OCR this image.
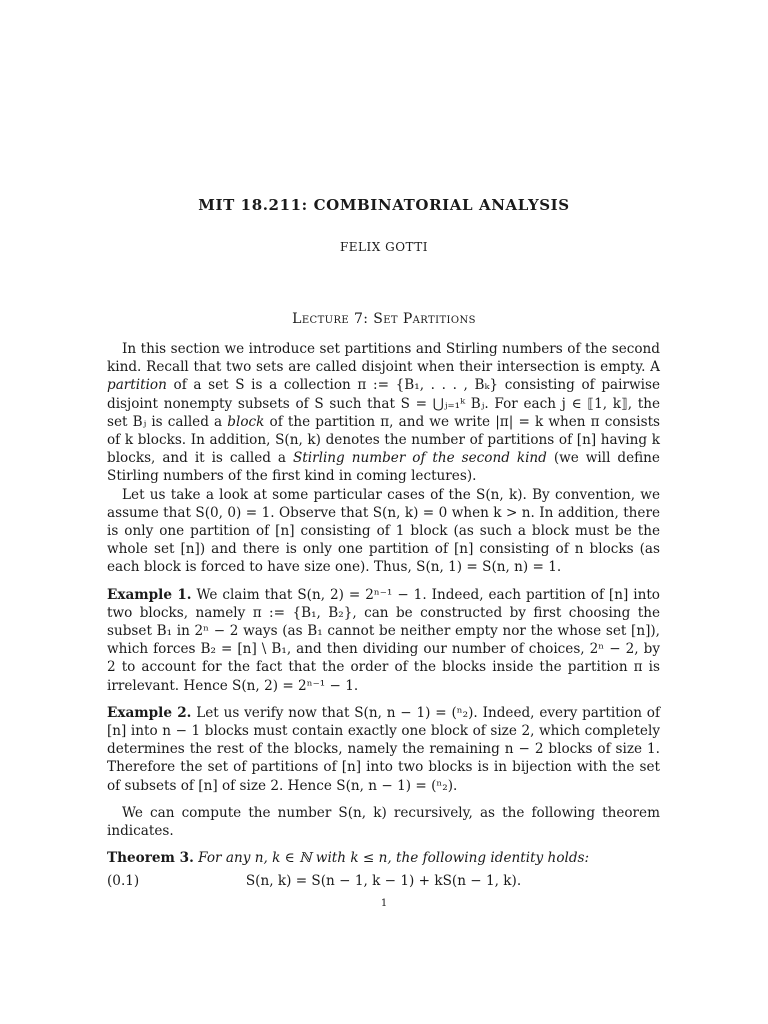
MIT 18.211: COMBINATORIAL ANALYSIS
FELIX GOTTI
Lecture 7: Set Partitions

In this section we introduce set partitions and Stirling numbers of the second kind. Recall that two sets are called disjoint when their intersection is empty. A partition of a set S is a collection π := {B₁, . . . , Bₖ} consisting of pairwise disjoint nonempty subsets of S such that S = ⋃ⱼ₌₁ᵏ Bⱼ. For each j ∈ ⟦1, k⟧, the set Bⱼ is called a block of the partition π, and we write |π| = k when π consists of k blocks. In addition, S(n, k) denotes the number of partitions of [n] having k blocks, and it is called a Stirling number of the second kind (we will define Stirling numbers of the first kind in coming lectures).

Let us take a look at some particular cases of the S(n, k). By convention, we assume that S(0, 0) = 1. Observe that S(n, k) = 0 when k > n. In addition, there is only one partition of [n] consisting of 1 block (as such a block must be the whole set [n]) and there is only one partition of [n] consisting of n blocks (as each block is forced to have size one). Thus, S(n, 1) = S(n, n) = 1.

Example 1. We claim that S(n, 2) = 2ⁿ⁻¹ − 1. Indeed, each partition of [n] into two blocks, namely π := {B₁, B₂}, can be constructed by first choosing the subset B₁ in 2ⁿ − 2 ways (as B₁ cannot be neither empty nor the whose set [n]), which forces B₂ = [n] \ B₁, and then dividing our number of choices, 2ⁿ − 2, by 2 to account for the fact that the order of the blocks inside the partition π is irrelevant. Hence S(n, 2) = 2ⁿ⁻¹ − 1.

Example 2. Let us verify now that S(n, n − 1) = (ⁿ₂). Indeed, every partition of [n] into n − 1 blocks must contain exactly one block of size 2, which completely determines the rest of the blocks, namely the remaining n − 2 blocks of size 1. Therefore the set of partitions of [n] into two blocks is in bijection with the set of subsets of [n] of size 2. Hence S(n, n − 1) = (ⁿ₂).

We can compute the number S(n, k) recursively, as the following theorem indicates.

Theorem 3. For any n, k ∈ ℕ with k ≤ n, the following identity holds:

(0.1)	S(n, k) = S(n − 1, k − 1) + kS(n − 1, k).
1
